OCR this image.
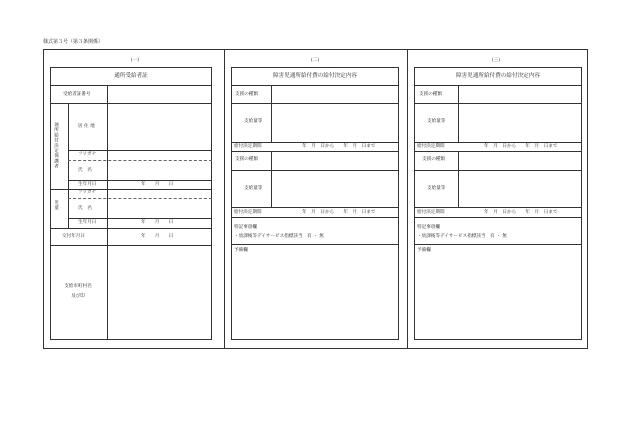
様式第３号（第３条関係）
(一)
通所受給者証
受給者証番号
通所給付決定保護者	居 住 地
フリガナ
氏　名
生年月日	年　　月　　日
児童
フリガナ
氏　名
生年月日	年　　月　　日
交付年月日	年　　月　　日
支給市町村名
及び印
(二)
障害児通所給付費の給付決定内容
支援の種類
支給量等
給付決定期間	年　月　日から　　年　月　日まで
支援の種類
支給量等
給付決定期間	年　月　日から　　年　月　日まで
特記事項欄
・放課後等デイサービス指標該当　有 ・ 無
予備欄
(三)
障害児通所給付費の給付決定内容
支援の種類
支給量等
給付決定期間	年　月　日から　　年　月　日まで
支援の種類
支給量等
給付決定期間	年　月　日から　　年　月　日まで
特記事項欄
・放課後等デイサービス指標該当　有 ・ 無
予備欄
